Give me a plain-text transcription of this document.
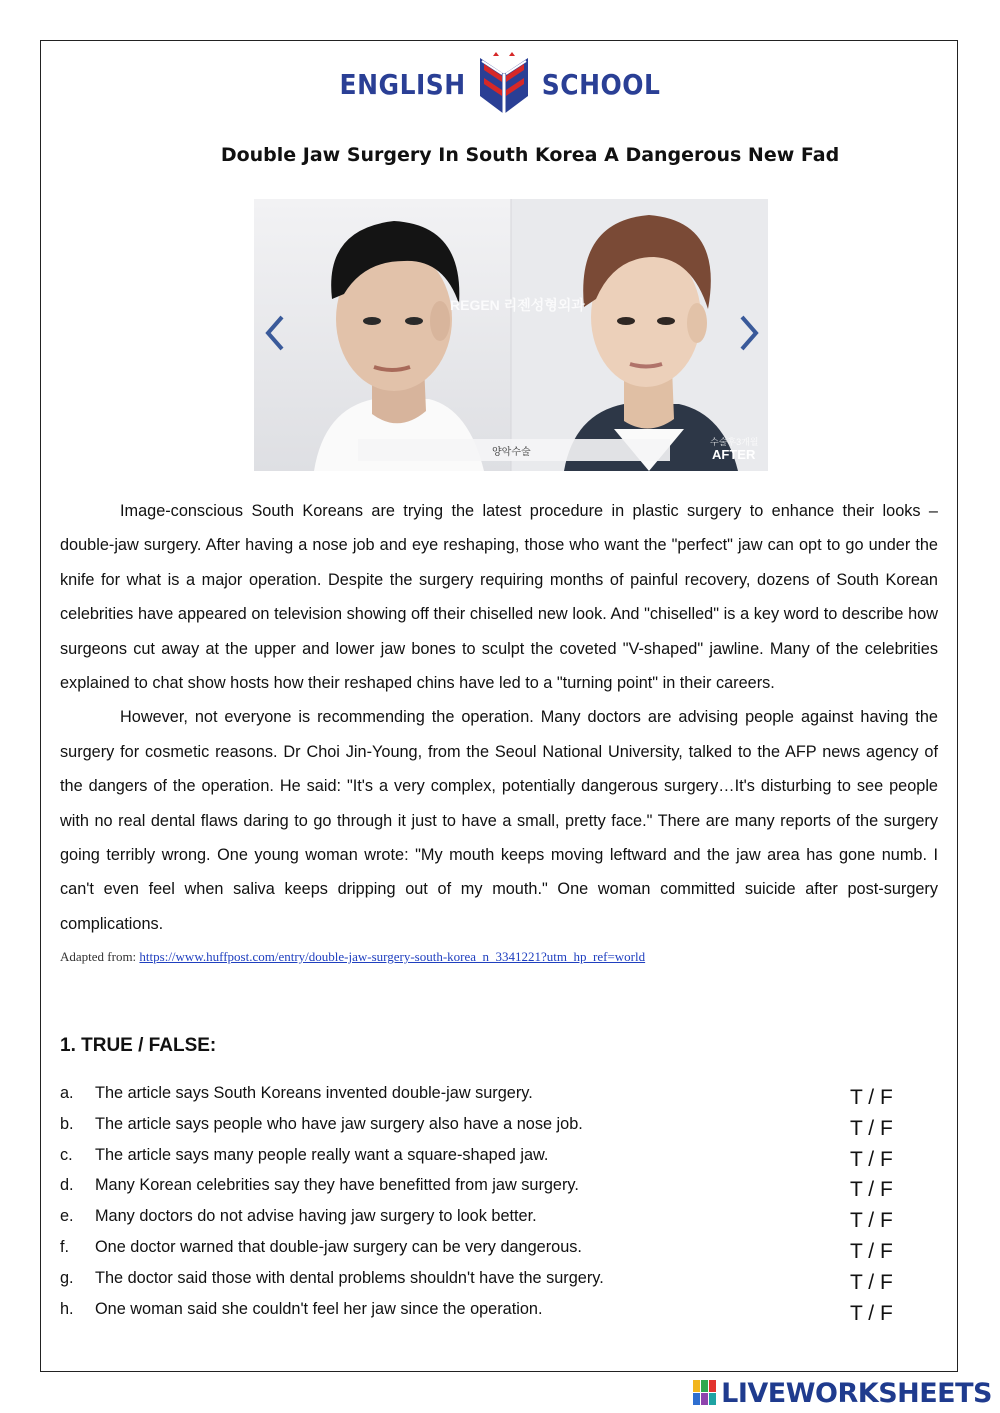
ENGLISH	SCHOOL
Double Jaw Surgery In South Korea A Dangerous New Fad
REGEN 리젠성형외과
양악수술
수술후3개월
AFTER

Image-conscious South Koreans are trying the latest procedure in plastic surgery to enhance their looks – double-jaw surgery. After having a nose job and eye reshaping, those who want the "perfect" jaw can opt to go under the knife for what is a major operation. Despite the surgery requiring months of painful recovery, dozens of South Korean celebrities have appeared on television showing off their chiselled new look. And "chiselled" is a key word to describe how surgeons cut away at the upper and lower jaw bones to sculpt the coveted "V-shaped" jawline. Many of the celebrities explained to chat show hosts how their reshaped chins have led to a "turning point" in their careers.

However, not everyone is recommending the operation. Many doctors are advising people against having the surgery for cosmetic reasons. Dr Choi Jin-Young, from the Seoul National University, talked to the AFP news agency of the dangers of the operation. He said: "It's a very complex, potentially dangerous surgery…It's disturbing to see people with no real dental flaws daring to go through it just to have a small, pretty face." There are many reports of the surgery going terribly wrong. One young woman wrote: "My mouth keeps moving leftward and the jaw area has gone numb. I can't even feel when saliva keeps dripping out of my mouth." One woman committed suicide after post-surgery complications.

Adapted from: https://www.huffpost.com/entry/double-jaw-surgery-south-korea_n_3341221?utm_hp_ref=world
1. TRUE / FALSE:
a. The article says South Koreans invented double-jaw surgery.	T / F
b. The article says people who have jaw surgery also have a nose job.	T / F
c. The article says many people really want a square-shaped jaw.	T / F
d. Many Korean celebrities say they have benefitted from jaw surgery.	T / F
e. Many doctors do not advise having jaw surgery to look better.	T / F
f. One doctor warned that double-jaw surgery can be very dangerous.	T / F
g. The doctor said those with dental problems shouldn't have the surgery.	T / F
h. One woman said she couldn't feel her jaw since the operation.	T / F
LIVEWORKSHEETS
